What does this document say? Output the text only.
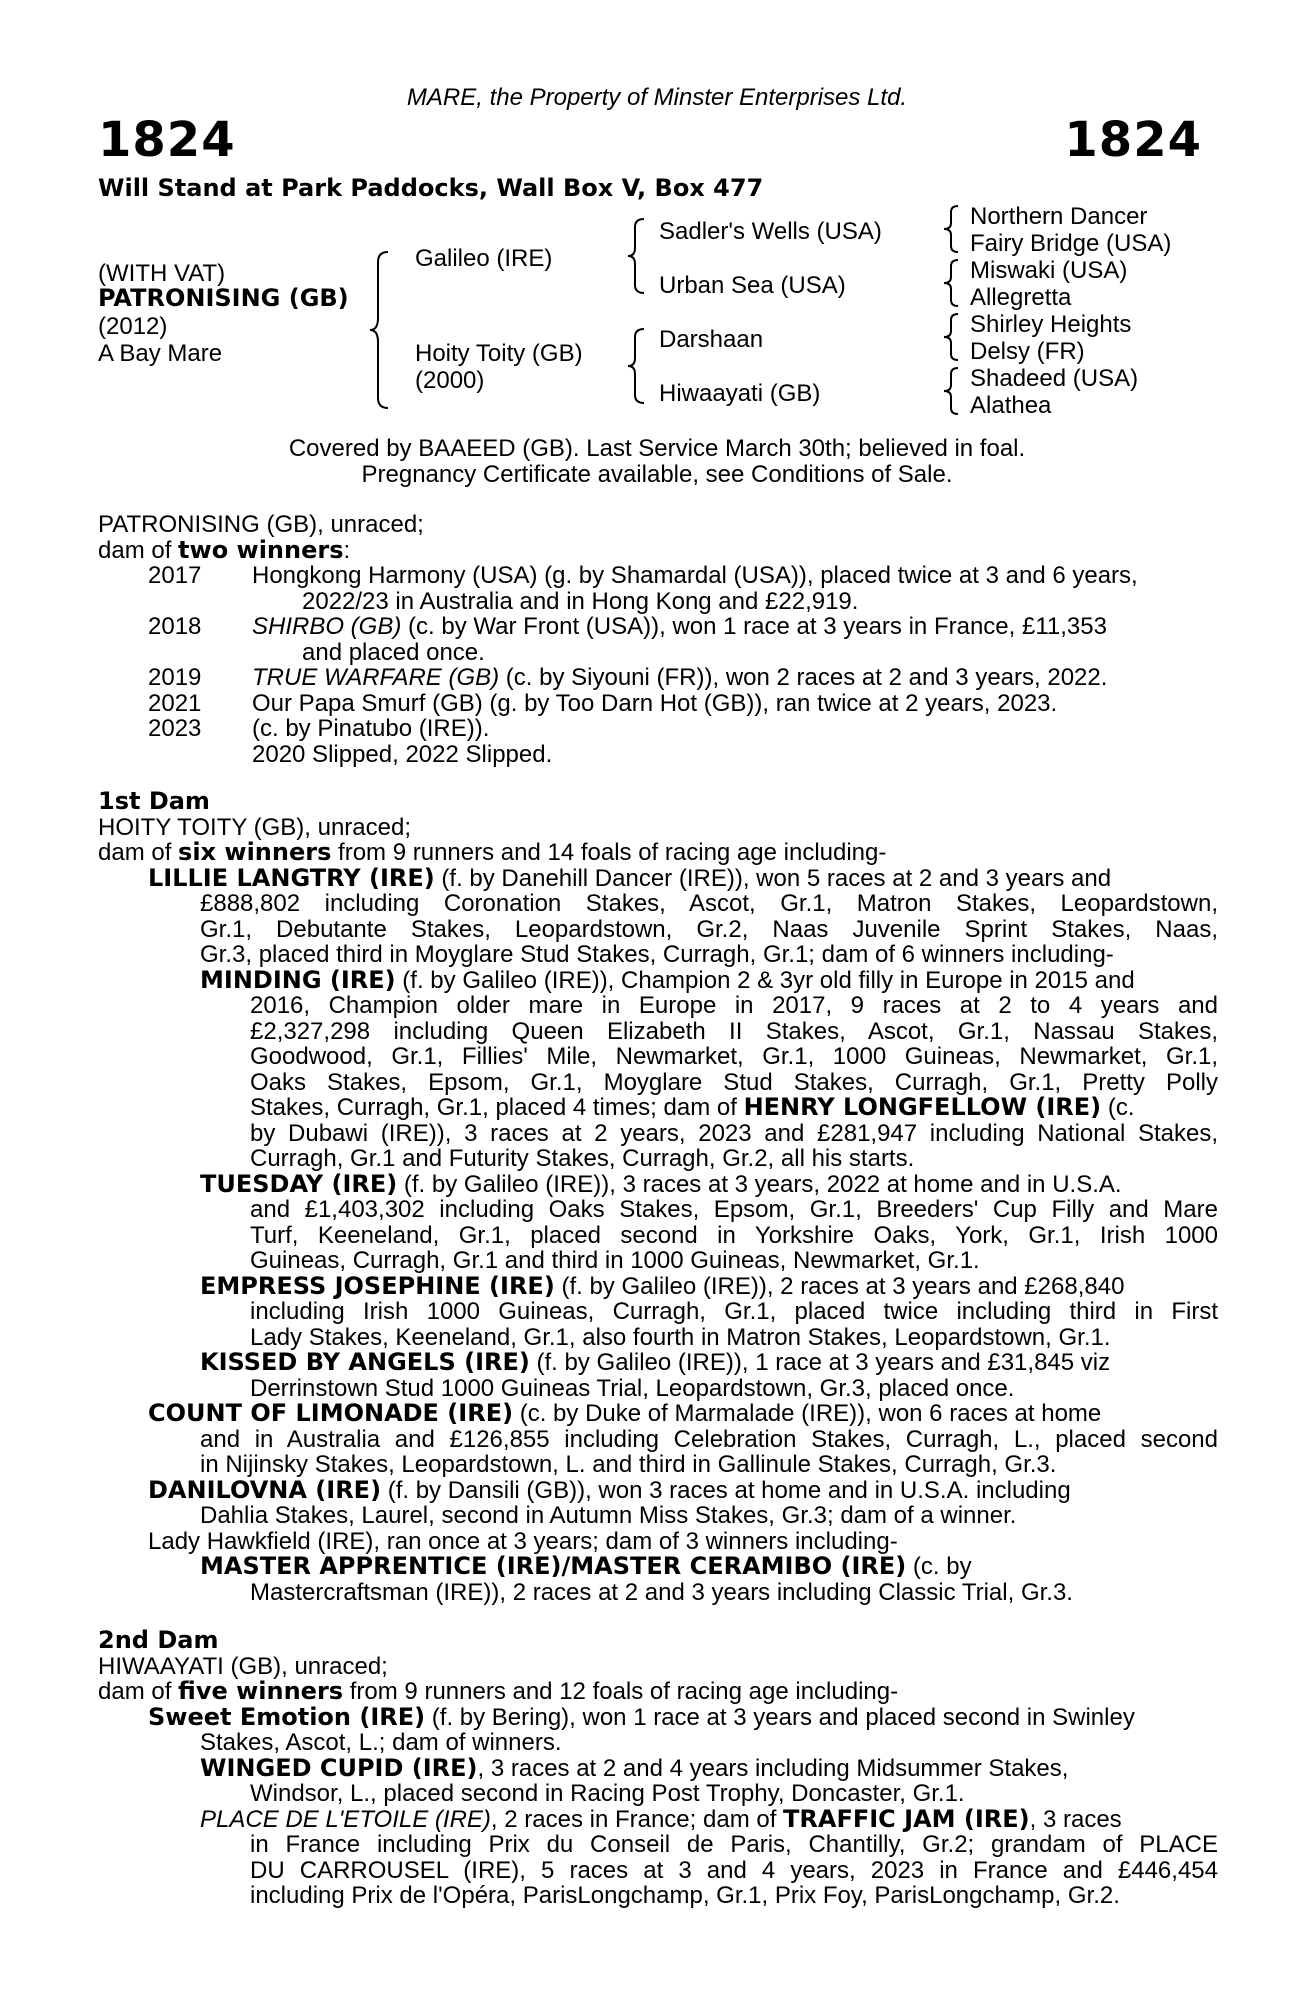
MARE, the Property of Minster Enterprises Ltd.
1824	1824
Will Stand at Park Paddocks, Wall Box V, Box 477
(WITH VAT)
PATRONISING (GB)
(2012)
A Bay Mare
Galileo (IRE)
Hoity Toity (GB)
(2000)
Sadler's Wells (USA)
Urban Sea (USA)
Darshaan
Hiwaayati (GB)
Northern Dancer
Fairy Bridge (USA)
Miswaki (USA)
Allegretta
Shirley Heights
Delsy (FR)
Shadeed (USA)
Alathea
Covered by BAAEED (GB). Last Service March 30th; believed in foal.
Pregnancy Certificate available, see Conditions of Sale.
PATRONISING (GB), unraced;
dam of two winners:
2017 Hongkong Harmony (USA) (g. by Shamardal (USA)), placed twice at 3 and 6 years,
2022/23 in Australia and in Hong Kong and £22,919.
2018 SHIRBO (GB) (c. by War Front (USA)), won 1 race at 3 years in France, £11,353
and placed once.
2019 TRUE WARFARE (GB) (c. by Siyouni (FR)), won 2 races at 2 and 3 years, 2022.
2021 Our Papa Smurf (GB) (g. by Too Darn Hot (GB)), ran twice at 2 years, 2023.
2023 (c. by Pinatubo (IRE)).
2020 Slipped, 2022 Slipped.
1st Dam
HOITY TOITY (GB), unraced;
dam of six winners from 9 runners and 14 foals of racing age including-
LILLIE LANGTRY (IRE) (f. by Danehill Dancer (IRE)), won 5 races at 2 and 3 years and
£888,802 including Coronation Stakes, Ascot, Gr.1, Matron Stakes, Leopardstown,
Gr.1, Debutante Stakes, Leopardstown, Gr.2, Naas Juvenile Sprint Stakes, Naas,
Gr.3, placed third in Moyglare Stud Stakes, Curragh, Gr.1; dam of 6 winners including-
MINDING (IRE) (f. by Galileo (IRE)), Champion 2 & 3yr old filly in Europe in 2015 and
2016, Champion older mare in Europe in 2017, 9 races at 2 to 4 years and
£2,327,298 including Queen Elizabeth II Stakes, Ascot, Gr.1, Nassau Stakes,
Goodwood, Gr.1, Fillies' Mile, Newmarket, Gr.1, 1000 Guineas, Newmarket, Gr.1,
Oaks Stakes, Epsom, Gr.1, Moyglare Stud Stakes, Curragh, Gr.1, Pretty Polly
Stakes, Curragh, Gr.1, placed 4 times; dam of HENRY LONGFELLOW (IRE) (c.
by Dubawi (IRE)), 3 races at 2 years, 2023 and £281,947 including National Stakes,
Curragh, Gr.1 and Futurity Stakes, Curragh, Gr.2, all his starts.
TUESDAY (IRE) (f. by Galileo (IRE)), 3 races at 3 years, 2022 at home and in U.S.A.
and £1,403,302 including Oaks Stakes, Epsom, Gr.1, Breeders' Cup Filly and Mare
Turf, Keeneland, Gr.1, placed second in Yorkshire Oaks, York, Gr.1, Irish 1000
Guineas, Curragh, Gr.1 and third in 1000 Guineas, Newmarket, Gr.1.
EMPRESS JOSEPHINE (IRE) (f. by Galileo (IRE)), 2 races at 3 years and £268,840
including Irish 1000 Guineas, Curragh, Gr.1, placed twice including third in First
Lady Stakes, Keeneland, Gr.1, also fourth in Matron Stakes, Leopardstown, Gr.1.
KISSED BY ANGELS (IRE) (f. by Galileo (IRE)), 1 race at 3 years and £31,845 viz
Derrinstown Stud 1000 Guineas Trial, Leopardstown, Gr.3, placed once.
COUNT OF LIMONADE (IRE) (c. by Duke of Marmalade (IRE)), won 6 races at home
and in Australia and £126,855 including Celebration Stakes, Curragh, L., placed second
in Nijinsky Stakes, Leopardstown, L. and third in Gallinule Stakes, Curragh, Gr.3.
DANILOVNA (IRE) (f. by Dansili (GB)), won 3 races at home and in U.S.A. including
Dahlia Stakes, Laurel, second in Autumn Miss Stakes, Gr.3; dam of a winner.
Lady Hawkfield (IRE), ran once at 3 years; dam of 3 winners including-
MASTER APPRENTICE (IRE)/MASTER CERAMIBO (IRE) (c. by
Mastercraftsman (IRE)), 2 races at 2 and 3 years including Classic Trial, Gr.3.
2nd Dam
HIWAAYATI (GB), unraced;
dam of five winners from 9 runners and 12 foals of racing age including-
Sweet Emotion (IRE) (f. by Bering), won 1 race at 3 years and placed second in Swinley
Stakes, Ascot, L.; dam of winners.
WINGED CUPID (IRE), 3 races at 2 and 4 years including Midsummer Stakes,
Windsor, L., placed second in Racing Post Trophy, Doncaster, Gr.1.
PLACE DE L'ETOILE (IRE), 2 races in France; dam of TRAFFIC JAM (IRE), 3 races
in France including Prix du Conseil de Paris, Chantilly, Gr.2; grandam of PLACE
DU CARROUSEL (IRE), 5 races at 3 and 4 years, 2023 in France and £446,454
including Prix de l'Opéra, ParisLongchamp, Gr.1, Prix Foy, ParisLongchamp, Gr.2.
